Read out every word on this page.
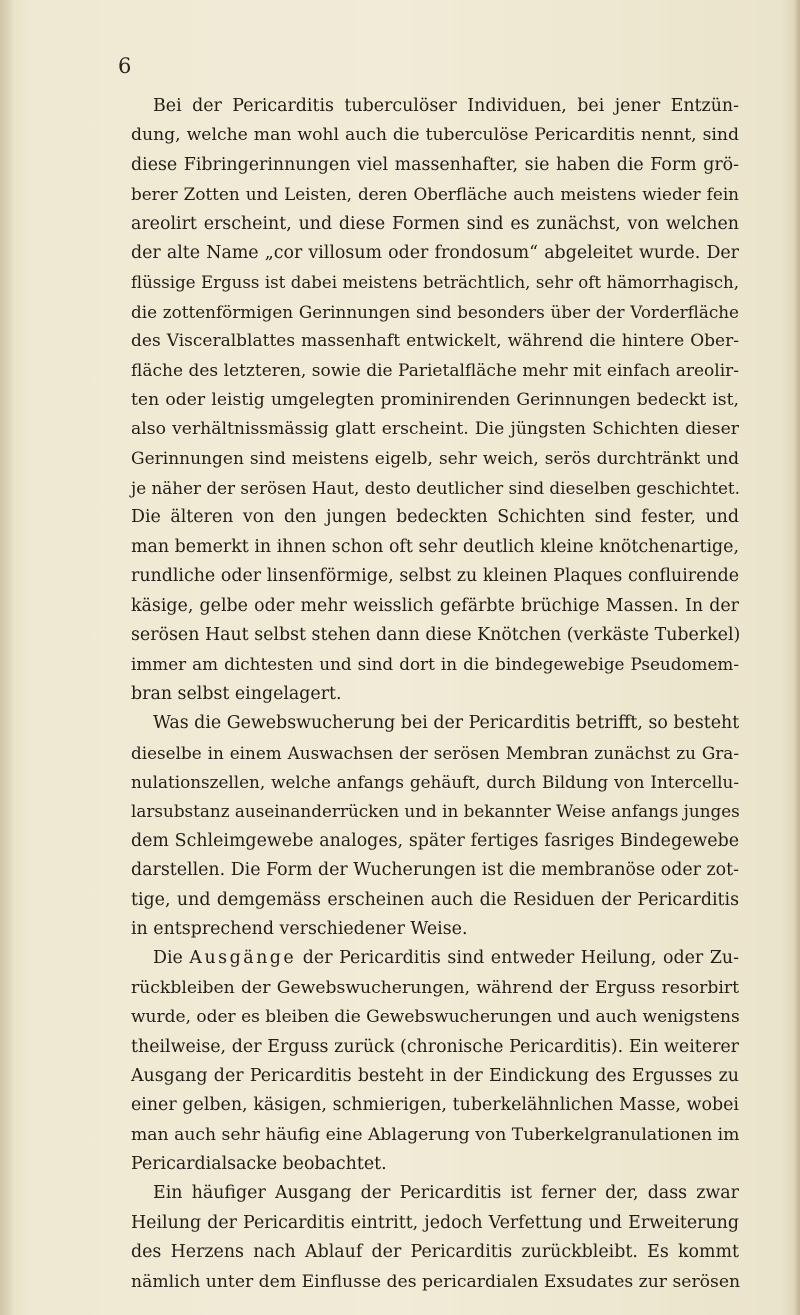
6

Bei der Pericarditis tuberculöser Individuen, bei jener Entzün-
dung, welche man wohl auch die tuberculöse Pericarditis nennt, sind
diese Fibringerinnungen viel massenhafter, sie haben die Form grö-
berer Zotten und Leisten, deren Oberfläche auch meistens wieder fein
areolirt erscheint, und diese Formen sind es zunächst, von welchen
der alte Name „cor villosum oder frondosum“ abgeleitet wurde. Der
flüssige Erguss ist dabei meistens beträchtlich, sehr oft hämorrhagisch,
die zottenförmigen Gerinnungen sind besonders über der Vorderfläche
des Visceralblattes massenhaft entwickelt, während die hintere Ober-
fläche des letzteren, sowie die Parietalfläche mehr mit einfach areolir-
ten oder leistig umgelegten prominirenden Gerinnungen bedeckt ist,
also verhältnissmässig glatt erscheint. Die jüngsten Schichten dieser
Gerinnungen sind meistens eigelb, sehr weich, serös durchtränkt und
je näher der serösen Haut, desto deutlicher sind dieselben geschichtet.
Die älteren von den jungen bedeckten Schichten sind fester, und
man bemerkt in ihnen schon oft sehr deutlich kleine knötchenartige,
rundliche oder linsenförmige, selbst zu kleinen Plaques confluirende
käsige, gelbe oder mehr weisslich gefärbte brüchige Massen. In der
serösen Haut selbst stehen dann diese Knötchen (verkäste Tuberkel)
immer am dichtesten und sind dort in die bindegewebige Pseudomem-
bran selbst eingelagert.
Was die Gewebswucherung bei der Pericarditis betrifft, so besteht
dieselbe in einem Auswachsen der serösen Membran zunächst zu Gra-
nulationszellen, welche anfangs gehäuft, durch Bildung von Intercellu-
larsubstanz auseinanderrücken und in bekannter Weise anfangs junges
dem Schleimgewebe analoges, später fertiges fasriges Bindegewebe
darstellen. Die Form der Wucherungen ist die membranöse oder zot-
tige, und demgemäss erscheinen auch die Residuen der Pericarditis
in entsprechend verschiedener Weise.
Die Ausgänge der Pericarditis sind entweder Heilung, oder Zu-
rückbleiben der Gewebswucherungen, während der Erguss resorbirt
wurde, oder es bleiben die Gewebswucherungen und auch wenigstens
theilweise, der Erguss zurück (chronische Pericarditis). Ein weiterer
Ausgang der Pericarditis besteht in der Eindickung des Ergusses zu
einer gelben, käsigen, schmierigen, tuberkelähnlichen Masse, wobei
man auch sehr häufig eine Ablagerung von Tuberkelgranulationen im
Pericardialsacke beobachtet.
Ein häufiger Ausgang der Pericarditis ist ferner der, dass zwar
Heilung der Pericarditis eintritt, jedoch Verfettung und Erweiterung
des Herzens nach Ablauf der Pericarditis zurückbleibt. Es kommt
nämlich unter dem Einflusse des pericardialen Exsudates zur serösen
